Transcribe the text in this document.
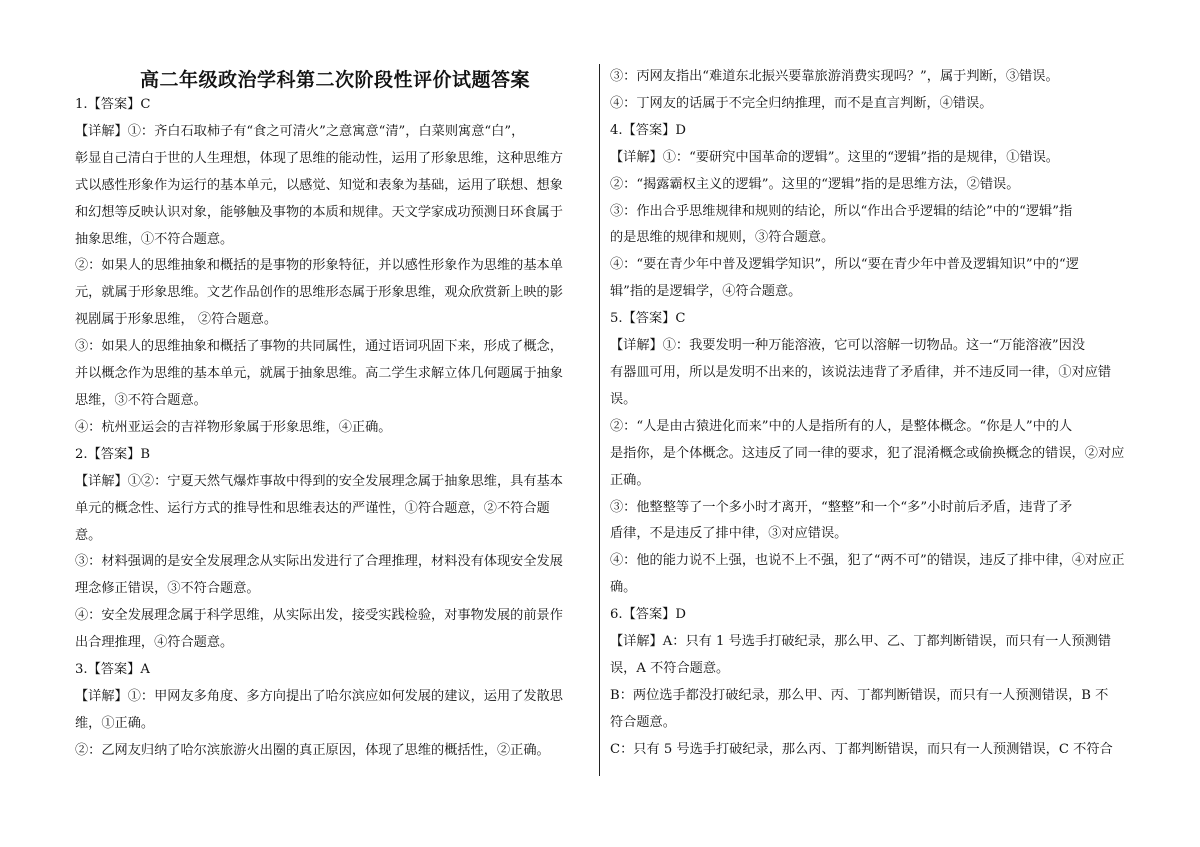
高二年级政治学科第二次阶段性评价试题答案
1.【答案】C
【详解】①：齐白石取柿子有“食之可清火”之意寓意“清”，白菜则寓意“白”，
彰显自己清白于世的人生理想，体现了思维的能动性，运用了形象思维，这种思维方
式以感性形象作为运行的基本单元，以感觉、知觉和表象为基础，运用了联想、想象
和幻想等反映认识对象，能够触及事物的本质和规律。天文学家成功预测日环食属于
抽象思维，①不符合题意。
②：如果人的思维抽象和概括的是事物的形象特征，并以感性形象作为思维的基本单
元，就属于形象思维。文艺作品创作的思维形态属于形象思维，观众欣赏新上映的影
视剧属于形象思维， ②符合题意。
③：如果人的思维抽象和概括了事物的共同属性，通过语词巩固下来，形成了概念，
并以概念作为思维的基本单元，就属于抽象思维。高二学生求解立体几何题属于抽象
思维，③不符合题意。
④：杭州亚运会的吉祥物形象属于形象思维，④正确。
2.【答案】B
【详解】①②：宁夏天然气爆炸事故中得到的安全发展理念属于抽象思维，具有基本
单元的概念性、运行方式的推导性和思维表达的严谨性，①符合题意，②不符合题
意。
③：材料强调的是安全发展理念从实际出发进行了合理推理，材料没有体现安全发展
理念修正错误，③不符合题意。
④：安全发展理念属于科学思维，从实际出发，接受实践检验，对事物发展的前景作
出合理推理，④符合题意。
3.【答案】A
【详解】①：甲网友多角度、多方向提出了哈尔滨应如何发展的建议，运用了发散思
维，①正确。
②：乙网友归纳了哈尔滨旅游火出圈的真正原因，体现了思维的概括性，②正确。
③：丙网友指出“难道东北振兴要靠旅游消费实现吗？”，属于判断，③错误。
④：丁网友的话属于不完全归纳推理，而不是直言判断，④错误。
4.【答案】D
【详解】①：“要研究中国革命的逻辑”。这里的“逻辑”指的是规律，①错误。
②：“揭露霸权主义的逻辑”。这里的“逻辑”指的是思维方法，②错误。
③：作出合乎思维规律和规则的结论，所以“作出合乎逻辑的结论”中的“逻辑”指
的是思维的规律和规则，③符合题意。
④：“要在青少年中普及逻辑学知识”，所以“要在青少年中普及逻辑知识”中的“逻
辑”指的是逻辑学，④符合题意。
5.【答案】C
【详解】①：我要发明一种万能溶液，它可以溶解一切物品。这一“万能溶液”因没
有器皿可用，所以是发明不出来的，该说法违背了矛盾律，并不违反同一律，①对应错
误。
②：“人是由古猿进化而来”中的人是指所有的人，是整体概念。“你是人”中的人
是指你，是个体概念。这违反了同一律的要求，犯了混淆概念或偷换概念的错误，②对应
正确。
③：他整整等了一个多小时才离开，“整整”和一个“多”小时前后矛盾，违背了矛
盾律，不是违反了排中律，③对应错误。
④：他的能力说不上强，也说不上不强，犯了“两不可”的错误，违反了排中律，④对应正
确。
6.【答案】D
【详解】A：只有 1 号选手打破纪录，那么甲、乙、丁都判断错误，而只有一人预测错
误，A 不符合题意。
B：两位选手都没打破纪录，那么甲、丙、丁都判断错误，而只有一人预测错误，B 不
符合题意。
C：只有 5 号选手打破纪录，那么丙、丁都判断错误，而只有一人预测错误，C 不符合
